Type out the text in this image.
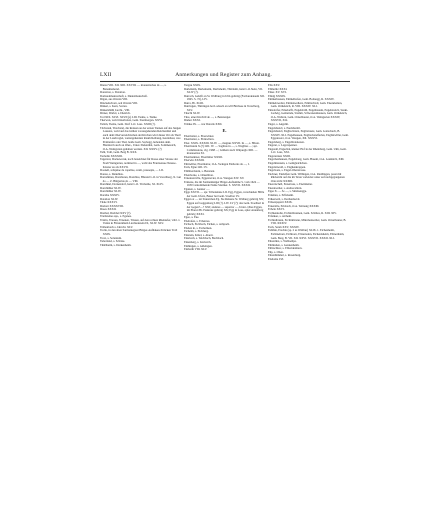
LXII	Anmerkungen und Register zum Anhang.
Dienst VIII. XII. XIII. XXVIII. — monastisches ds —, s. Benamerkend.
Donation, s. Dotation.
Domsaalmannschaft, s. Dienstmanschaft.
Digan, aus Ottonis VIII.
Dinckelschorn, seit Ottonis VIII.
Dinkel, s. Kern, Sorten.
Dinkelsbühl Liecht., VIII.
Dirner, Dörfel, s. Dietrich.
Tod XIX. XLVI. XLVII (s) LIII. Tieme, s. Tieme.
Tüerwan, wohl Osterhofen, Gem. Sternbergen. XXVI.
Tulzm, Tieme, Gem. Dorf L.O. Laas. XXIII (?).
Tächstaul, Tirschstal, die Rennen an der ersten Tannen auf des Jungen Laurenz, wohl auf das Gülten vorausgehenden Reichenthal und auch dem Oberverreichischen dei Kirchen wird dieser Ort als Theil in der Landvogtei, weitergehenden Raum Reibung, hereinhast, was Prahtenfer oder Thal, beide Gem. Sorbegg, hebenden dem. Hierdurch auch an Ober-, Unter-Tiefenthal, Gem. Sommereich, O.A. Weingarten gehalten werden. XII. XXXV. (?)
Tuhl, Tohl, Gem. Berg B. XXX.
Turbelin XXXXIII.
Tagerstat, Dackewersk, noch bezeichnet für Rasse einer Strasse der Stadt Weingarten, nominal in —, wohl das Frantzensee Neusse-Kloster an als XXVII.
Doaneil, reliquiae de capellae, orum, praesepis, — LII.
Donau, s. Danubius.
Dornshüren, Dornburen, Dornbire, Bliestal L.O. in Vorarlberg, X. Gut do — Z. Bürgertus do — VIII.
Dornhüel, Dornendorf, heist L.O. Tirchalde, XI. XLIV.
Dornbühler XLIV.
Dornbühler XLIV.
Dorsthe XXXIV.
Dotation XLIV.
Thale XXXVI.
Drebert XXXXVIII.
Drees XXXII.
Drethal, Drebbel XXV (?).
Triebsteine aqu., s. Egenee.
Tristin, Triesen, Trisenen, Trissen, auf den rechten Rheinufer, vöbl. v. Vaduz in Fürstenthum Liechtenstein IX, XLIV. XLV.
Trübenbach a. Jahrcht. XLV.
Trolle, in den alten Sarmentegaur Bürger-Aufhaken-Strücken Troll XXIX.
Trost, s. Solentum.
Tuberland, s. Schöne.
Thürlheim, s. Durkenheim.
Turgau XXIX.
Durlehaim, Durlesheim, Durlisheim, Thürlaim, heist L.O.Stein, VII. XLIV (?).
Durrach, Gehöft an St. Wallburg in Ulm gehörig (Fortlandenaum XII. 1845. S. 72), LIV.
Durra, Bt. XLIII.
Durringen, Thüringen bei Lodasch an will Büchsee in Vorarlberg, XLV.
Thuchl XLIV.
Türe, einer Kirchtil de —, s. Benstenger.
Dieher XXXI.
Trünke IX. — war Duratis XXII.
E.
Ebermatter, s. Eberwinter.
Ebermatter, s. Ebinwilarn.
Eber. XXIX. XXXIII. XLIV. —, magnus XXVII. In —, s. Hören.
Ebermstein X.(?) LIII. IV. — Sagibus in —, s. Wagibus —; apt. Commissions, vig. 1968 —; Gütlern nach Walpurgis XIII. — monasertus XI.
Ebermenitzer, Ebermitter XXXII.
Eberwin XXXIII.
Ehinwiller, Ebermattar, O.A. Swingen Einhorns da —, I.
Eom, Egne LIII. LV.
Eilmberdstein, s. Benstent.
Ebenborne, s. Orkembon.
Eckenrenrvile, Eggenrevier, O.A. Wangen XIV. XV.
Ecktene, die im Sarmenhaüger Birger-Aufnahme S. vom 1624 — 1630 verkommende Name Sturmer. S. XXVII. XXXII.
Egunen, s. Genner —.
Egge XXVII. — spr. Tribensinne LII. Egg, Eggen, verschieden Hölle der Gem. Ufern, Bauer hat Gem. Stoelber LV.
Eggen ot — rnt Stunsichen Eg. Sie Raheste St. Walburg gehörig XX; Eggen auf Gaggenberg LIII (?). LIV. LV (?); das Gem. Stoelbert in der Gegen?—? XXI; anderes — superior —, Unter- Ober-Eggen, im Pfarrei Br. Pankratz gehörig XX; Egg in Laes, apfer Antenberg gehörig XXXI.
Egee, a. Eue.
Ebehofen, s. Erbenres.
Eichach, Eichbach, Eichen, s. Achpach.
Ebelen in, s. Eschelisen.
Eichelm, s. Eichberg.
Einstein, Kittel, s. Alaert.
Einsbach, s. Teichbach, Bechbach.
Einenberg, s. Istobatch.
Einhingen, s. Aldeingen.
Einbarth VIII. XLV.
Ella XXV.
Ellmelitz XXXI.
Elner. XV. XVI.
Elinig XXXIX.
Emmerhausen, Emmelhofen, Gem. Bodnegg, R. XXXIV.
Emmelsweiler, Emilenwellern, Emilischwil, Gem. Eisenriemen, Gem. Orthekirch, R. VIII. XXXIV. XLI.
Emsdorfer, Emsdorfli, Engelsbrill, Engelinstein, Engelstreich, Sankt-Ludwig, Gemeinde, Stamm, Schwanzenhausen, Gem. Orthekirch, O.A. Wallern, Gem. Ortselbauter, O.A. Weingarten XXXIV, XXXVII, XLI.
Enger, s. Angelm.
Engelsbretzl, s. Enelsbreitil.
Engelsbretzl, Englischrietz, Englistraetz, Gem. Gottschach, B. XXXIV. XLI. Engelhausen, Englischandfarlen, Englistwiller, Gem. Eggenwerz, O.A. Wangen, XII. XXXVI.
Engelsberg, s. Engelbroiskoten.
Engeret, s. Lagerspenner.
Engesall, Engechal, kleiner Hof in der Rheinburg, Gem. Ulm, Gem. L.O. Laas, XXI.
Engerarnten XXIII.
Engerbenhausen, Engelsberg, Gem. Hasem, O.A. Leutkirch, XIII.
Engelmanzein, s. Gemgleichchen.
Engelanwald, s. Enghenkrappen.
Engelweis, s. Engel-Oberstrasse.
Enchner, Enshöfen Gem. Willingen, O.A. Riedlingen, passt mit Rücksicht auf die im Texte vorletzter unter auf nachgegangenen Orte nicht XXXIII.
Enzertschell, Enzertsau, s. Enelsheiter.
Enzenweiler, s. Andrecellern.
Eppe X. — 3e —, s. Smalsengge.
Erisman, s. Erfisheim.
Erikerwelt, s. Iberhardsevit.
Erbsenpspatti XXIX.
Ernerstile, Erisbach, O.A. Tettnang XXXIII.
Erlwin XXVI.
Erchlenkohn, Erchinibrunnen, Gem. Schiltes, R. XIII. XIV.
Erfenker, s. Aichem.
Erchinibrunn, Erchinibrunn, Münchenweiler, Gem. Ortselbauter, B. VIII. XXXIV.
Esch, Sarah XXV. XXXIV.
Esbihin, Erschle (sp. 2 as Waltbur) XLIX. 1. Eichenheim, Eichinebarn, Eichhorn, Eltzerieden, Eichenisheim, Ebinerhaim, Gem. Berg, B. VII. XII. XXVI. XXXVII. XXXII. XLI.
Ehrenlinz, s. Walbseilpa.
Ehminden, s. Gennenheim.
Ehbischhor, s. Ebholdermarn.
Ehp, s. Oben.
Ehrenhimmel, s. Rosenburg.
Eisdome LVI.
